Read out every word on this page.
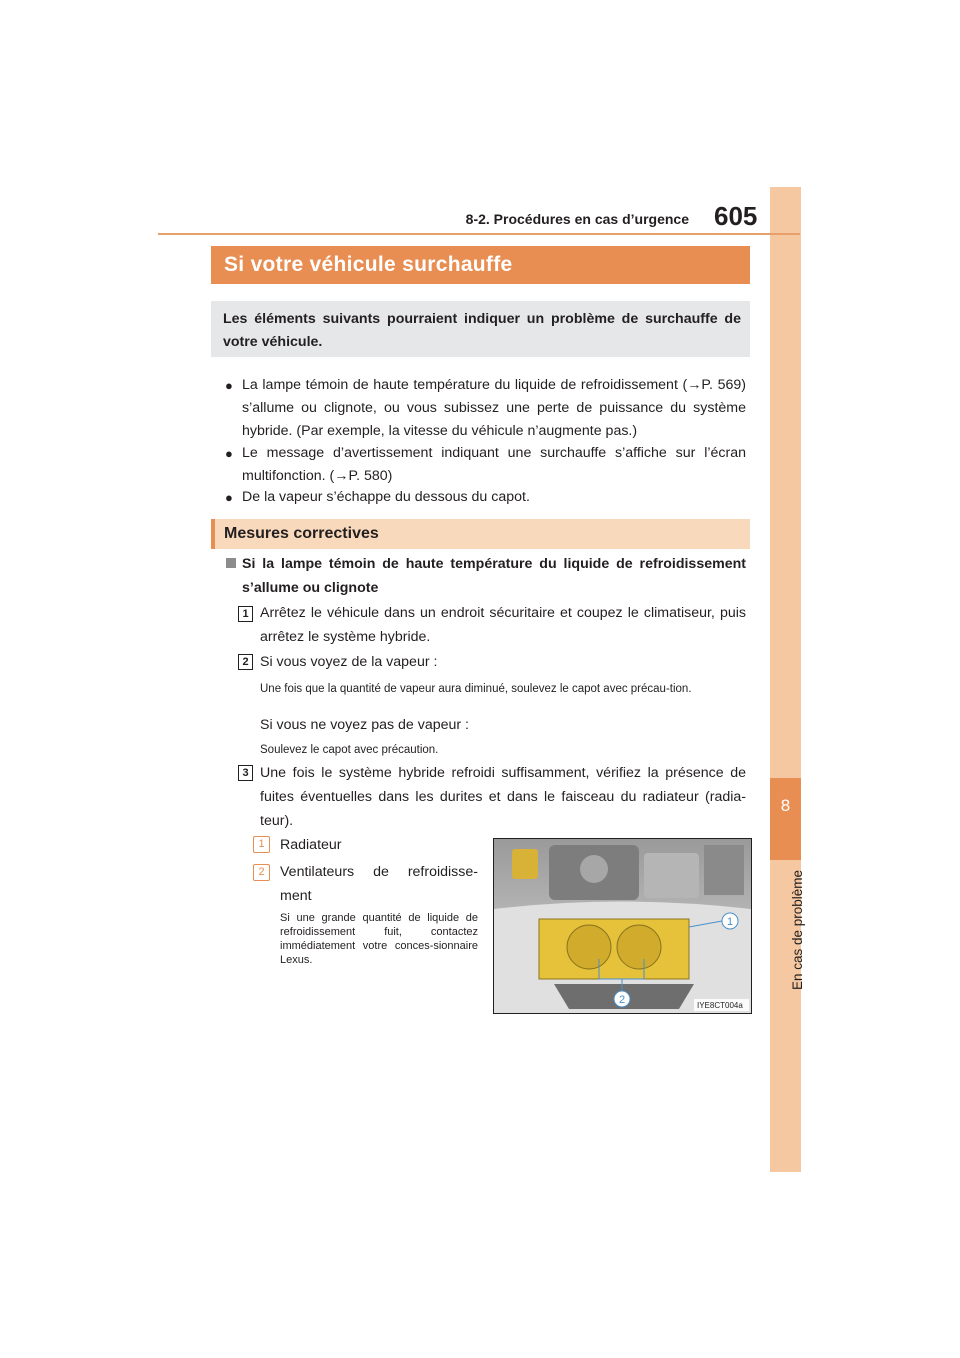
8
En cas de problème
8-2. Procédures en cas d’urgence 605
Si votre véhicule surchauffe
Les éléments suivants pourraient indiquer un problème de surchauffe de votre véhicule.
● La lampe témoin de haute température du liquide de refroidissement (→P. 569) s’allume ou clignote, ou vous subissez une perte de puissance du système hybride. (Par exemple, la vitesse du véhicule n’augmente pas.)
● Le message d’avertissement indiquant une surchauffe s’affiche sur l’écran multifonction. (→P. 580)
● De la vapeur s’échappe du dessous du capot.
Mesures correctives
Si la lampe témoin de haute température du liquide de refroidissement s’allume ou clignote
1 Arrêtez le véhicule dans un endroit sécuritaire et coupez le climatiseur, puis arrêtez le système hybride.
2 Si vous voyez de la vapeur :
Une fois que la quantité de vapeur aura diminué, soulevez le capot avec précau-tion.
Si vous ne voyez pas de vapeur :
Soulevez le capot avec précaution.
3 Une fois le système hybride refroidi suffisamment, vérifiez la présence de fuites éventuelles dans les durites et dans le faisceau du radiateur (radia-teur).
1	Radiateur
2	Ventilateurs de refroidisse-ment
Si une grande quantité de liquide de refroidissement fuit, contactez immédiatement votre conces-sionnaire Lexus.
1
2	IYE8CT004a
